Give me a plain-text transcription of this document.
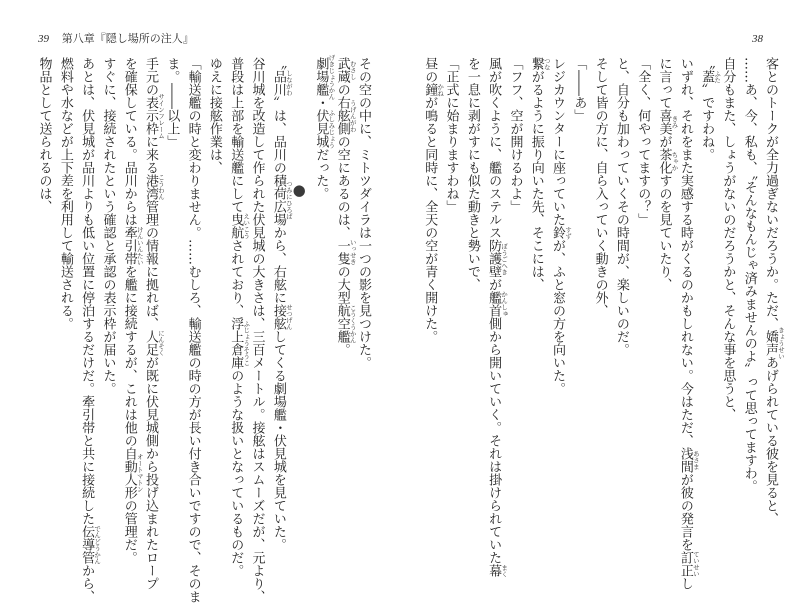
39 第八章『隠し場所の注人』	38
その空の中に、ミトツダイラは一つの影を見つけた。
武蔵 むさし
の右舷側 うげんがわ
の空にあるのは、一隻 いっせき
の大型航空艦 こうくうかん
。
劇場艦 げきじょうかん
・伏見城 ふしみじょう
だった。
●
〝品川 しながわ
〟は、品川の積荷広場 つみにひろば
から、右舷に接舷 せつげん
してくる劇場艦・伏見城を見ていた。
谷川城を改造して作られた伏見城の大きさは、三百メートル。接舷はスムーズだが、元より、
普段は上部を輸送艦にして曳航 えいこう
されており、浮上倉庫 ふじょうそうこ
のような扱いとなっているものだ。
ゆえに接舷作業は、
「輸送艦の時と変わりません。……むしろ、輸送艦の時の方が長い付き合いですので、そのま
ま。――以上」
手元の表示枠 サインフレーム
に来る港湾 こうわん
管理の情報に拠れば、人足 にんそく
が既に伏見城側から投げ込まれたロープ
を確保している。品川からは牽引帯 けんいんたい
を艦に接続するが、これは他の自動人形 オートマトン
の管理だ。
すぐに、接続されたという確認と承認の表示枠が届いた。
あとは、伏見城が品川よりも低い位置に停泊するだけだ。牽引帯と共に接続した伝導管 でんどうかん
から、
燃料や水などが上下差を利用して輸送される。
物品として送られるのは、	客とのトークが全力過ぎないだろうか。ただ、嬌声 きょうせい
あげられている彼を見ると、
……あ、今、私も、〝そんなもんじゃ済みませんのよ〟って思ってますわ。
自分もまた、しょうがないのだろうかと、そんな事を思うと、
〝蓋 ふた
〟ですわね。
いずれ、それをまた実感する時がくるのかもしれない。今はただ、浅間 あさま
が彼の発言を訂正 ていせい
し
に言って喜美 きみ
が茶化 ちゃか
すのを見ていたり、
「全く、何やってますの？」
と、自分も加わっていくその時間が、楽しいのだ。
そして皆の方に、自ら入っていく動きの外、
「――あ」
レジカウンターに座っていた鈴 すず
が、ふと窓の方を向いた。
繋 つな
がるように振り向いた先、そこには、
「フフ、空が開けるわよ」
風が吹くように、艦のステルス防護壁 ぼうごへき
が艦首 かんしゅ
側から開いていく。それは掛けられていた幕 まく
を一息に剥がすにも似た動きと勢いで、
「正式に始まりますわね」
昼の鐘 かね
が鳴ると同時に、全天の空が青く開けた。
